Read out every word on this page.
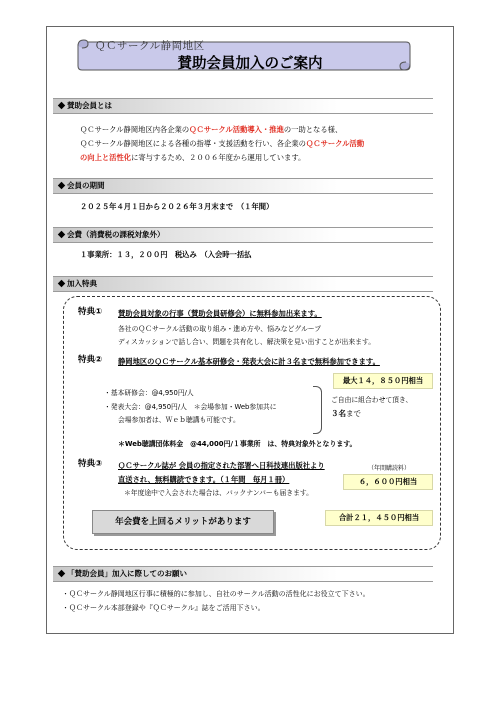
ＱＣサークル静岡地区
賛助会員加入のご案内
賛助会員とは
ＱＣサークル静岡地区内各企業のＱＣサークル活動導入・推進の一助となる様、
ＱＣサークル静岡地区による各種の指導・支援活動を行い、各企業のＱＣサークル活動
の向上と活性化に寄与するため、２００６年度から運用しています。
会員の期間
２０２５年４月１日から２０２６年３月末まで　（１年間）
会費（消費税の課税対象外）
１事業所：１３，２００円　税込み　（入会時一括払
加入特典
特典① 賛助会員対象の行事（賛助会員研修会）に無料参加出来ます。
各社のＱＣサークル活動の取り組み・進め方や、悩みなどグループ
ディスカッションで話し合い、問題を共有化し、解決策を見い出すことが出来ます。
特典② 静岡地区のＱＣサークル基本研修会・発表大会に計３名まで無料参加できます。
最大１４，８５０円相当
・基本研修会：@4,950円/人
・発表大会：@4,950円/人　＊会場参加・Web参加共に
会場参加者は、Ｗｅｂ聴講も可能です。
ご自由に組合わせて頂き、
３名まで
＊Web聴講団体料金　@44,000円/１事業所　は、特典対象外となります。
特典③ ＱＣサークル誌が 会員の指定された部署へ日科技連出版社より
直送され、無料購読できます。（１年間　毎月１冊）
＊年度途中で入会された場合は、バックナンバーも届きます。
（年間購読料）
６，６００円相当
年会費を上回るメリットがあります	合計２１，４５０円相当
「賛助会員」加入に際してのお願い
・ＱＣサークル静岡地区行事に積極的に参加し、自社のサークル活動の活性化にお役立て下さい。
・ＱＣサークル本部登録や『ＱＣサークル』誌をご活用下さい。
